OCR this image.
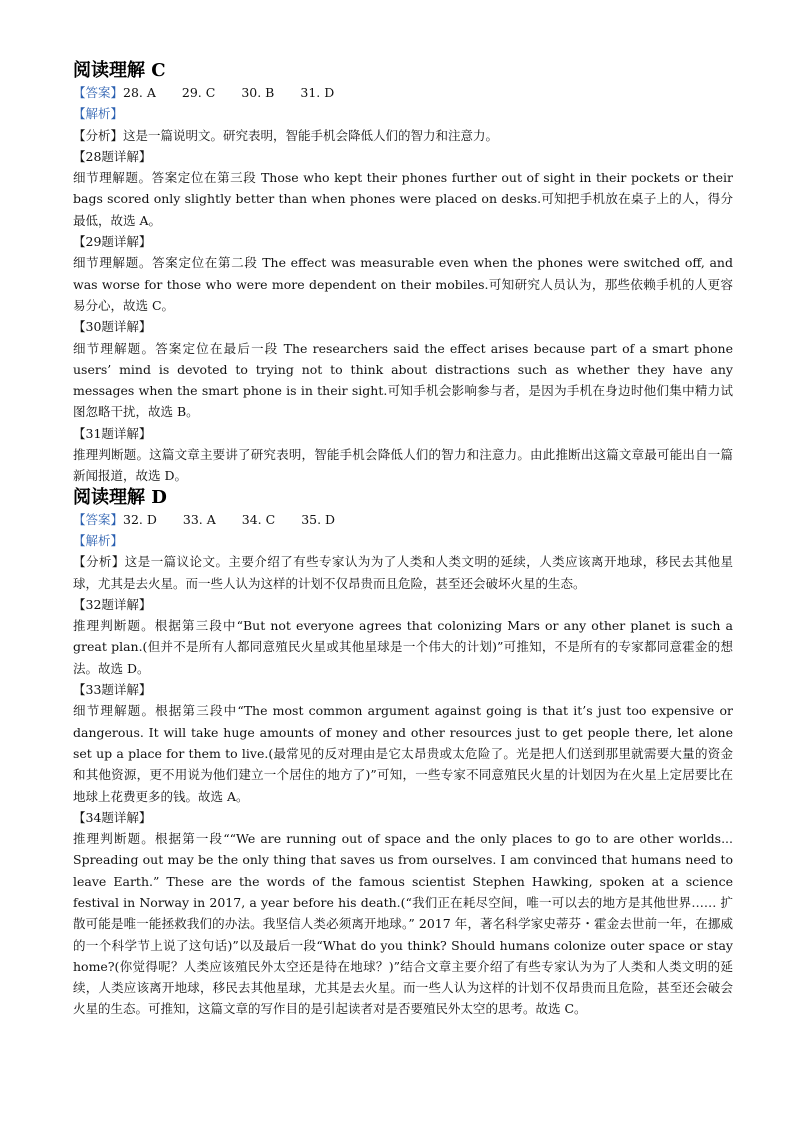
阅读理解 C

【答案】28. A 29. C 30. B 31. D

【解析】

【分析】这是一篇说明文。研究表明，智能手机会降低人们的智力和注意力。

【28题详解】

细节理解题。答案定位在第三段 Those who kept their phones further out of sight in their pockets or their bags scored only slightly better than when phones were placed on desks.可知把手机放在桌子上的人，得分最低，故选 A。

【29题详解】

细节理解题。答案定位在第二段 The effect was measurable even when the phones were switched off, and was worse for those who were more dependent on their mobiles.可知研究人员认为，那些依赖手机的人更容易分心，故选 C。

【30题详解】

细节理解题。答案定位在最后一段 The researchers said the effect arises because part of a smart phone users’ mind is devoted to trying not to think about distractions such as whether they have any messages when the smart phone is in their sight.可知手机会影响参与者，是因为手机在身边时他们集中精力试图忽略干扰，故选 B。

【31题详解】

推理判断题。这篇文章主要讲了研究表明，智能手机会降低人们的智力和注意力。由此推断出这篇文章最可能出自一篇新闻报道，故选 D。

阅读理解 D

【答案】32. D 33. A 34. C 35. D

【解析】

【分析】这是一篇议论文。主要介绍了有些专家认为为了人类和人类文明的延续，人类应该离开地球，移民去其他星球，尤其是去火星。而一些人认为这样的计划不仅昂贵而且危险，甚至还会破坏火星的生态。

【32题详解】

推理判断题。根据第三段中“But not everyone agrees that colonizing Mars or any other planet is such a great plan.(但并不是所有人都同意殖民火星或其他星球是一个伟大的计划)”可推知，不是所有的专家都同意霍金的想法。故选 D。

【33题详解】

细节理解题。根据第三段中“The most common argument against going is that it’s just too expensive or dangerous. It will take huge amounts of money and other resources just to get people there, let alone set up a place for them to live.(最常见的反对理由是它太昂贵或太危险了。光是把人们送到那里就需要大量的资金和其他资源，更不用说为他们建立一个居住的地方了)”可知，一些专家不同意殖民火星的计划因为在火星上定居要比在地球上花费更多的钱。故选 A。

【34题详解】

推理判断题。根据第一段““We are running out of space and the only places to go to are other worlds... Spreading out may be the only thing that saves us from ourselves. I am convinced that humans need to leave Earth.” These are the words of the famous scientist Stephen Hawking, spoken at a science festival in Norway in 2017, a year before his death.(“我们正在耗尽空间，唯一可以去的地方是其他世界…… 扩散可能是唯一能拯救我们的办法。我坚信人类必须离开地球。” 2017 年，著名科学家史蒂芬・霍金去世前一年，在挪威的一个科学节上说了这句话)”以及最后一段“What do you think? Should humans colonize outer space or stay home?(你觉得呢？人类应该殖民外太空还是待在地球？)”结合文章主要介绍了有些专家认为为了人类和人类文明的延续，人类应该离开地球，移民去其他星球，尤其是去火星。而一些人认为这样的计划不仅昂贵而且危险，甚至还会破会火星的生态。可推知，这篇文章的写作目的是引起读者对是否要殖民外太空的思考。故选 C。
